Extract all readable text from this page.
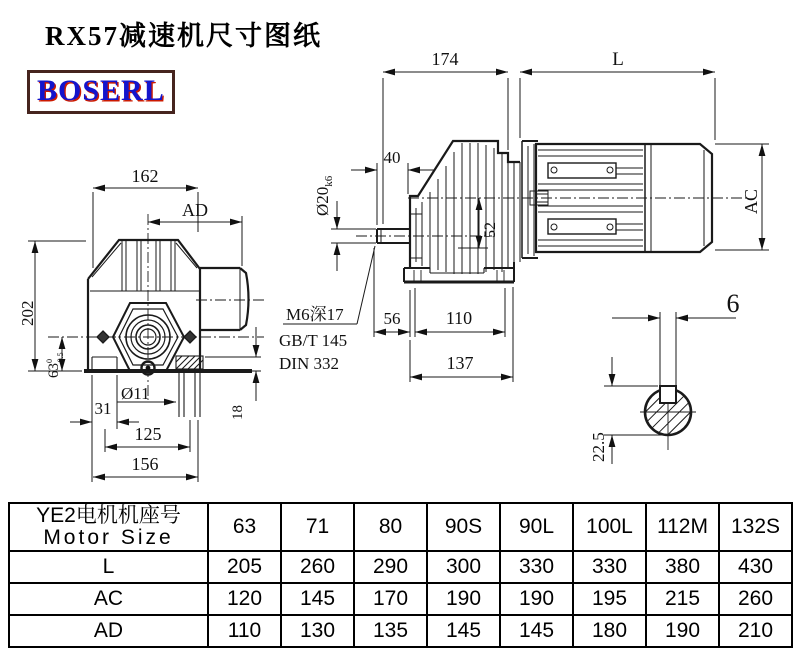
162
AD
202
$63^0$ -0.5
31
Ø11
125
156
18
174	L
40
$Ø20_{k6}$
52
56	110
137
AC
M6深17
GB/T 145
DIN 332
6
22.5
RX57减速机尺寸图纸
BOSERL
YE2电机机座号
Motor Size	63	71	80	90S	90L	100L	112M	132S
L	205	260	290	300	330	330	380	430
AC	120	145	170	190	190	195	215	260
AD	110	130	135	145	145	180	190	210
